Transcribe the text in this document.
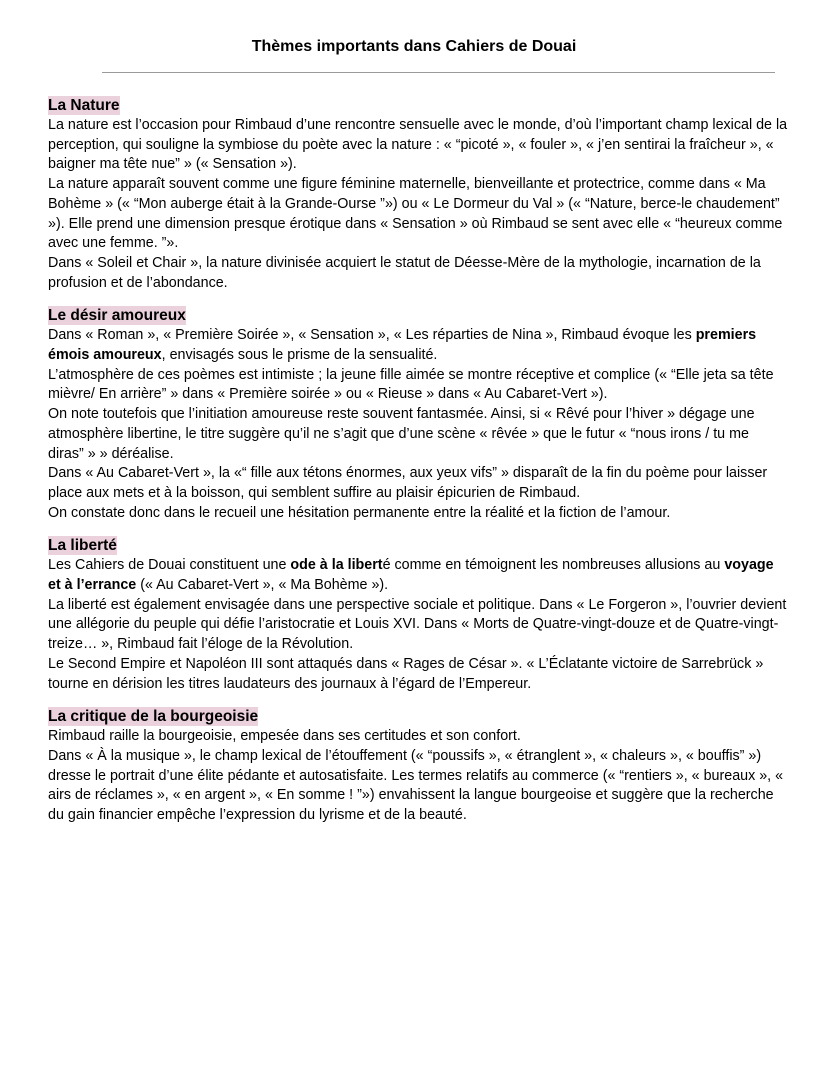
Thèmes importants dans Cahiers de Douai
La Nature

La nature est l’occasion pour Rimbaud d’une rencontre sensuelle avec le monde, d’où l’important champ lexical de la perception, qui souligne la symbiose du poète avec la nature : « “picoté », « fouler », « j’en sentirai la fraîcheur », « baigner ma tête nue” » (« Sensation »).

La nature apparaît souvent comme une figure féminine maternelle, bienveillante et protectrice, comme dans « Ma Bohème » (« “Mon auberge était à la Grande-Ourse ”») ou « Le Dormeur du Val » (« “Nature, berce-le chaudement” »). Elle prend une dimension presque érotique dans « Sensation » où Rimbaud se sent avec elle « “heureux comme avec une femme. ”».

Dans « Soleil et Chair », la nature divinisée acquiert le statut de Déesse-Mère de la mythologie, incarnation de la profusion et de l’abondance.

Le désir amoureux

Dans « Roman », « Première Soirée », « Sensation », « Les réparties de Nina », Rimbaud évoque les premiers émois amoureux, envisagés sous le prisme de la sensualité.

L’atmosphère de ces poèmes est intimiste ; la jeune fille aimée se montre réceptive et complice (« “Elle jeta sa tête mièvre/ En arrière” » dans « Première soirée » ou « Rieuse » dans « Au Cabaret-Vert »).

On note toutefois que l’initiation amoureuse reste souvent fantasmée. Ainsi, si « Rêvé pour l’hiver » dégage une atmosphère libertine, le titre suggère qu’il ne s’agit que d’une scène « rêvée » que le futur « “nous irons / tu me diras” » » déréalise.

Dans « Au Cabaret-Vert », la «“ fille aux tétons énormes, aux yeux vifs” » disparaît de la fin du poème pour laisser place aux mets et à la boisson, qui semblent suffire au plaisir épicurien de Rimbaud.

On constate donc dans le recueil une hésitation permanente entre la réalité et la fiction de l’amour.

La liberté

Les Cahiers de Douai constituent une ode à la liberté comme en témoignent les nombreuses allusions au voyage et à l’errance (« Au Cabaret-Vert », « Ma Bohème »).

La liberté est également envisagée dans une perspective sociale et politique. Dans « Le Forgeron », l’ouvrier devient une allégorie du peuple qui défie l’aristocratie et Louis XVI. Dans « Morts de Quatre-vingt-douze et de Quatre-vingt-treize… », Rimbaud fait l’éloge de la Révolution.

Le Second Empire et Napoléon III sont attaqués dans « Rages de César ». « L’Éclatante victoire de Sarrebrück » tourne en dérision les titres laudateurs des journaux à l’égard de l’Empereur.

La critique de la bourgeoisie

Rimbaud raille la bourgeoisie, empesée dans ses certitudes et son confort.

Dans « À la musique », le champ lexical de l’étouffement (« “poussifs », « étranglent », « chaleurs », « bouffis” ») dresse le portrait d’une élite pédante et autosatisfaite. Les termes relatifs au commerce (« “rentiers », « bureaux », « airs de réclames », « en argent », « En somme ! ”») envahissent la langue bourgeoise et suggère que la recherche du gain financier empêche l’expression du lyrisme et de la beauté.
